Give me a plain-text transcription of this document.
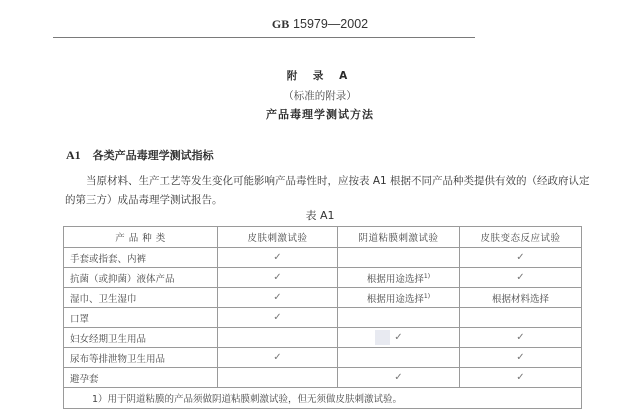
GB 15979—2002
附 录 A
（标准的附录）
产品毒理学测试方法
A1 各类产品毒理学测试指标
当原材料、生产工艺等发生变化可能影响产品毒性时，应按表 A1 根据不同产品种类提供有效的（经政府认定的第三方）成品毒理学测试报告。
表 A1
产 品 种 类	皮肤刺激试验	阴道粘膜刺激试验	皮肤变态反应试验
手套或指套、内裤	✓		✓
抗菌（或抑菌）液体产品	✓	根据用途选择$^{1)}$	✓
湿巾、卫生湿巾	✓	根据用途选择$^{1)}$	根据材料选择
口罩	✓		
妇女经期卫生用品		✓	✓
尿布等排泄物卫生用品	✓		✓
避孕套		✓	✓
1）用于阴道粘膜的产品须做阴道粘膜刺激试验，但无须做皮肤刺激试验。			
